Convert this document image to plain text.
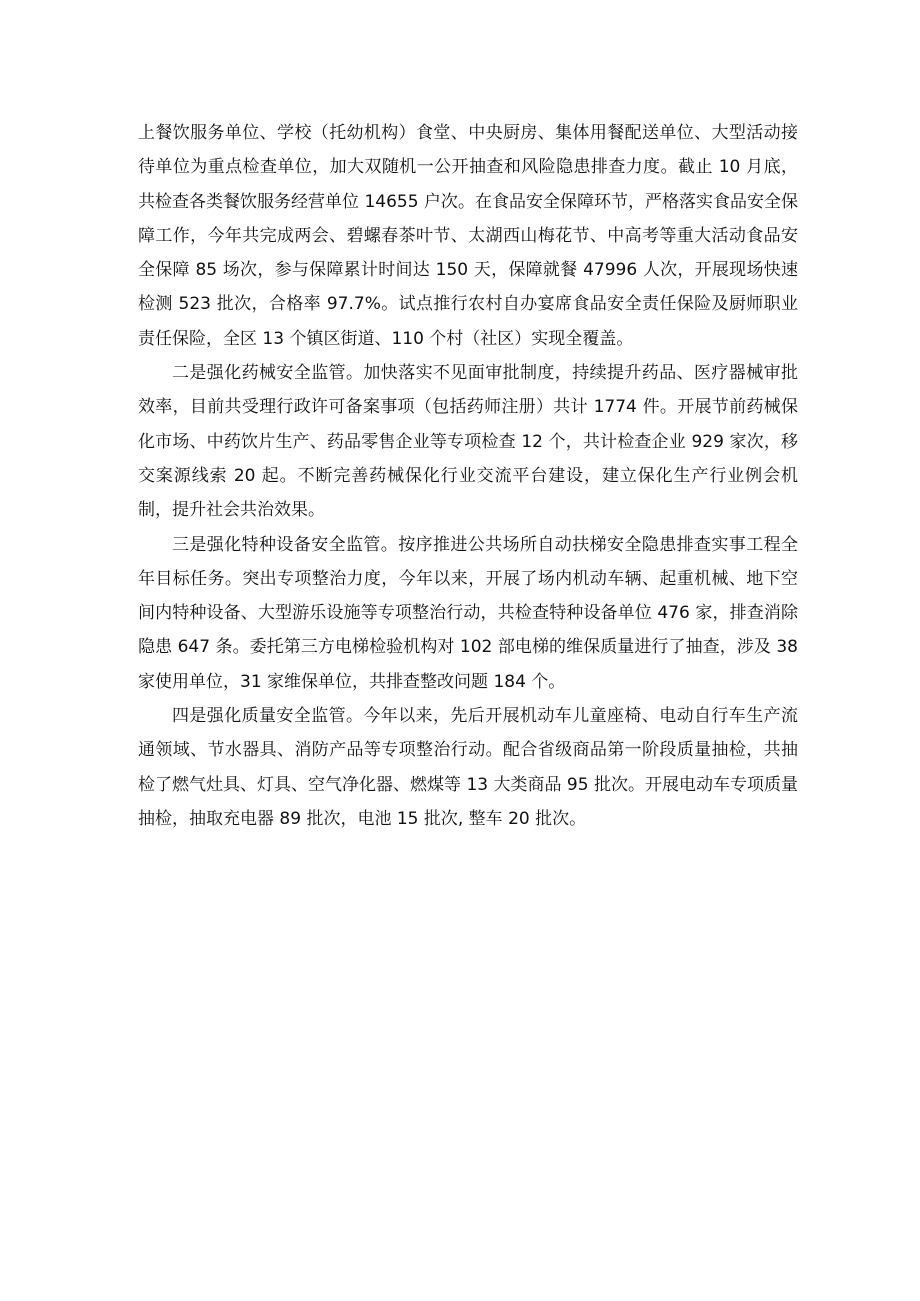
上餐饮服务单位、学校（托幼机构）食堂、中央厨房、集体用餐配送单位、大型活动接待单位为重点检查单位，加大双随机一公开抽查和风险隐患排查力度。截止 10 月底，共检查各类餐饮服务经营单位 14655 户次。在食品安全保障环节，严格落实食品安全保障工作，今年共完成两会、碧螺春茶叶节、太湖西山梅花节、中高考等重大活动食品安全保障 85 场次，参与保障累计时间达 150 天，保障就餐 47996 人次，开展现场快速检测 523 批次，合格率 97.7%。试点推行农村自办宴席食品安全责任保险及厨师职业责任保险，全区 13 个镇区街道、110 个村（社区）实现全覆盖。

二是强化药械安全监管。加快落实不见面审批制度，持续提升药品、医疗器械审批效率，目前共受理行政许可备案事项（包括药师注册）共计 1774 件。开展节前药械保化市场、中药饮片生产、药品零售企业等专项检查 12 个，共计检查企业 929 家次，移交案源线索 20 起。不断完善药械保化行业交流平台建设，建立保化生产行业例会机制，提升社会共治效果。

三是强化特种设备安全监管。按序推进公共场所自动扶梯安全隐患排查实事工程全年目标任务。突出专项整治力度，今年以来，开展了场内机动车辆、起重机械、地下空间内特种设备、大型游乐设施等专项整治行动，共检查特种设备单位 476 家，排查消除隐患 647 条。委托第三方电梯检验机构对 102 部电梯的维保质量进行了抽查，涉及 38 家使用单位，31 家维保单位，共排查整改问题 184 个。

四是强化质量安全监管。今年以来，先后开展机动车儿童座椅、电动自行车生产流通领域、节水器具、消防产品等专项整治行动。配合省级商品第一阶段质量抽检，共抽检了燃气灶具、灯具、空气净化器、燃煤等 13 大类商品 95 批次。开展电动车专项质量抽检，抽取充电器 89 批次，电池 15 批次, 整车 20 批次。
